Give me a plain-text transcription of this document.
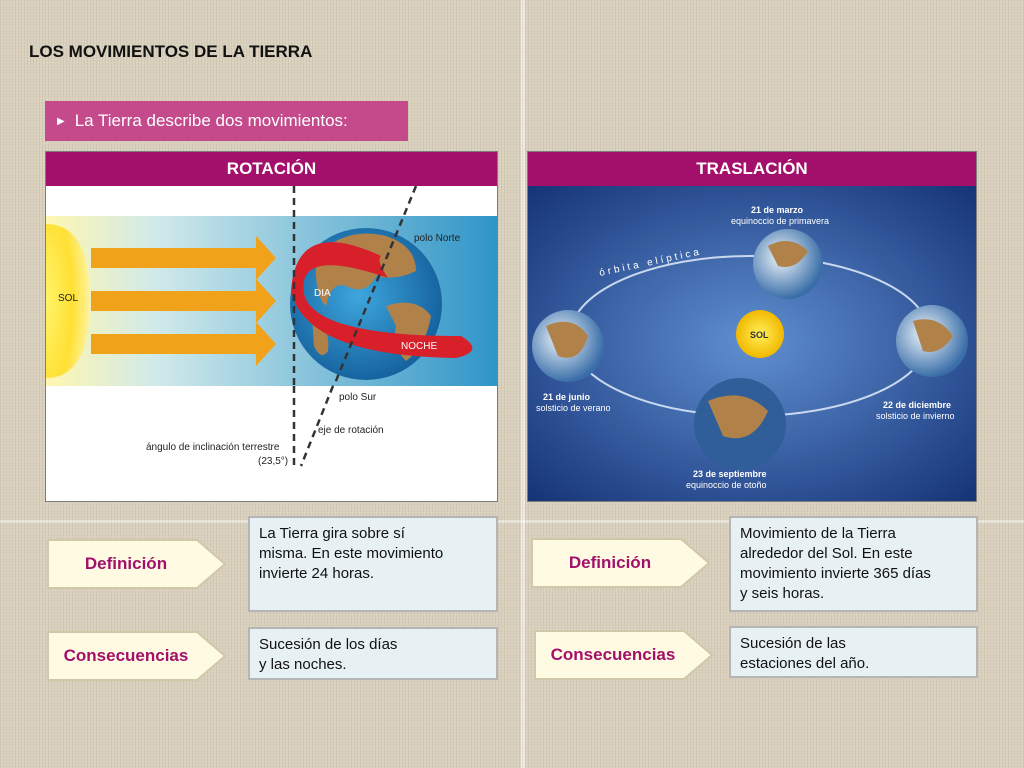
LOS MOVIMIENTOS DE LA TIERRA
▶ La Tierra describe dos movimientos:
ROTACIÓN
SOL
polo Norte
DIA
NOCHE
polo Sur
eje de rotación
ángulo de inclinación terrestre
(23,5°)
TRASLACIÓN
21 de marzo
equinoccio de primavera
órbita elíptica
SOL
21 de junio
solsticio de verano	22 de diciembre
solsticio de invierno
23 de septiembre
equinoccio de otoño
Definición
La Tierra gira sobre sí
misma. En este movimiento
invierte 24 horas.
Consecuencias
Sucesión de los días
y las noches.
Definición
Movimiento de la Tierra
alrededor del Sol. En este
movimiento invierte 365 días
y seis horas.
Consecuencias
Sucesión de las
estaciones del año.
